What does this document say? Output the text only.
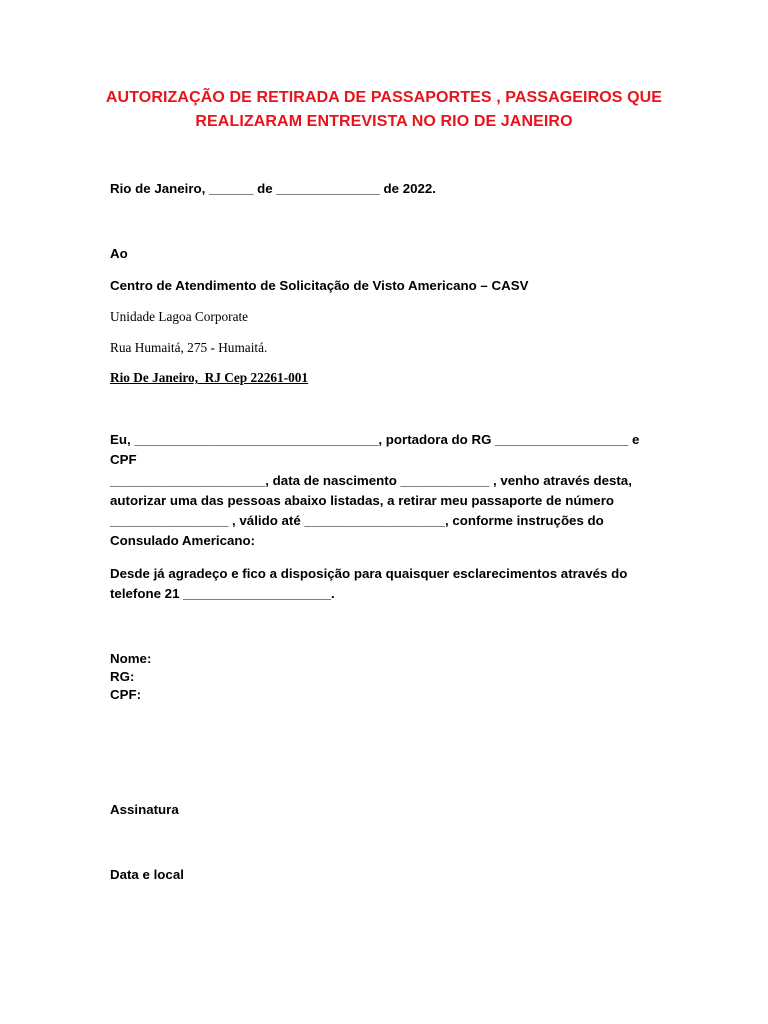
AUTORIZAÇÃO DE RETIRADA DE PASSAPORTES , PASSAGEIROS QUE
REALIZARAM ENTREVISTA NO RIO DE JANEIRO
Rio de Janeiro, ______ de ______________ de 2022.
Ao
Centro de Atendimento de Solicitação de Visto Americano – CASV
Unidade Lagoa Corporate
Rua Humaitá, 275 - Humaitá.
Rio De Janeiro,  RJ Cep 22261-001
Eu, _________________________________, portadora do RG __________________ e CPF
_____________________, data de nascimento ____________ , venho através desta,
autorizar uma das pessoas abaixo listadas, a retirar meu passaporte de número
________________ , válido até ___________________, conforme instruções do
Consulado Americano:
Desde já agradeço e fico a disposição para quaisquer esclarecimentos através do
telefone 21 ____________________.
Nome:
RG:
CPF:
Assinatura
Data e local
